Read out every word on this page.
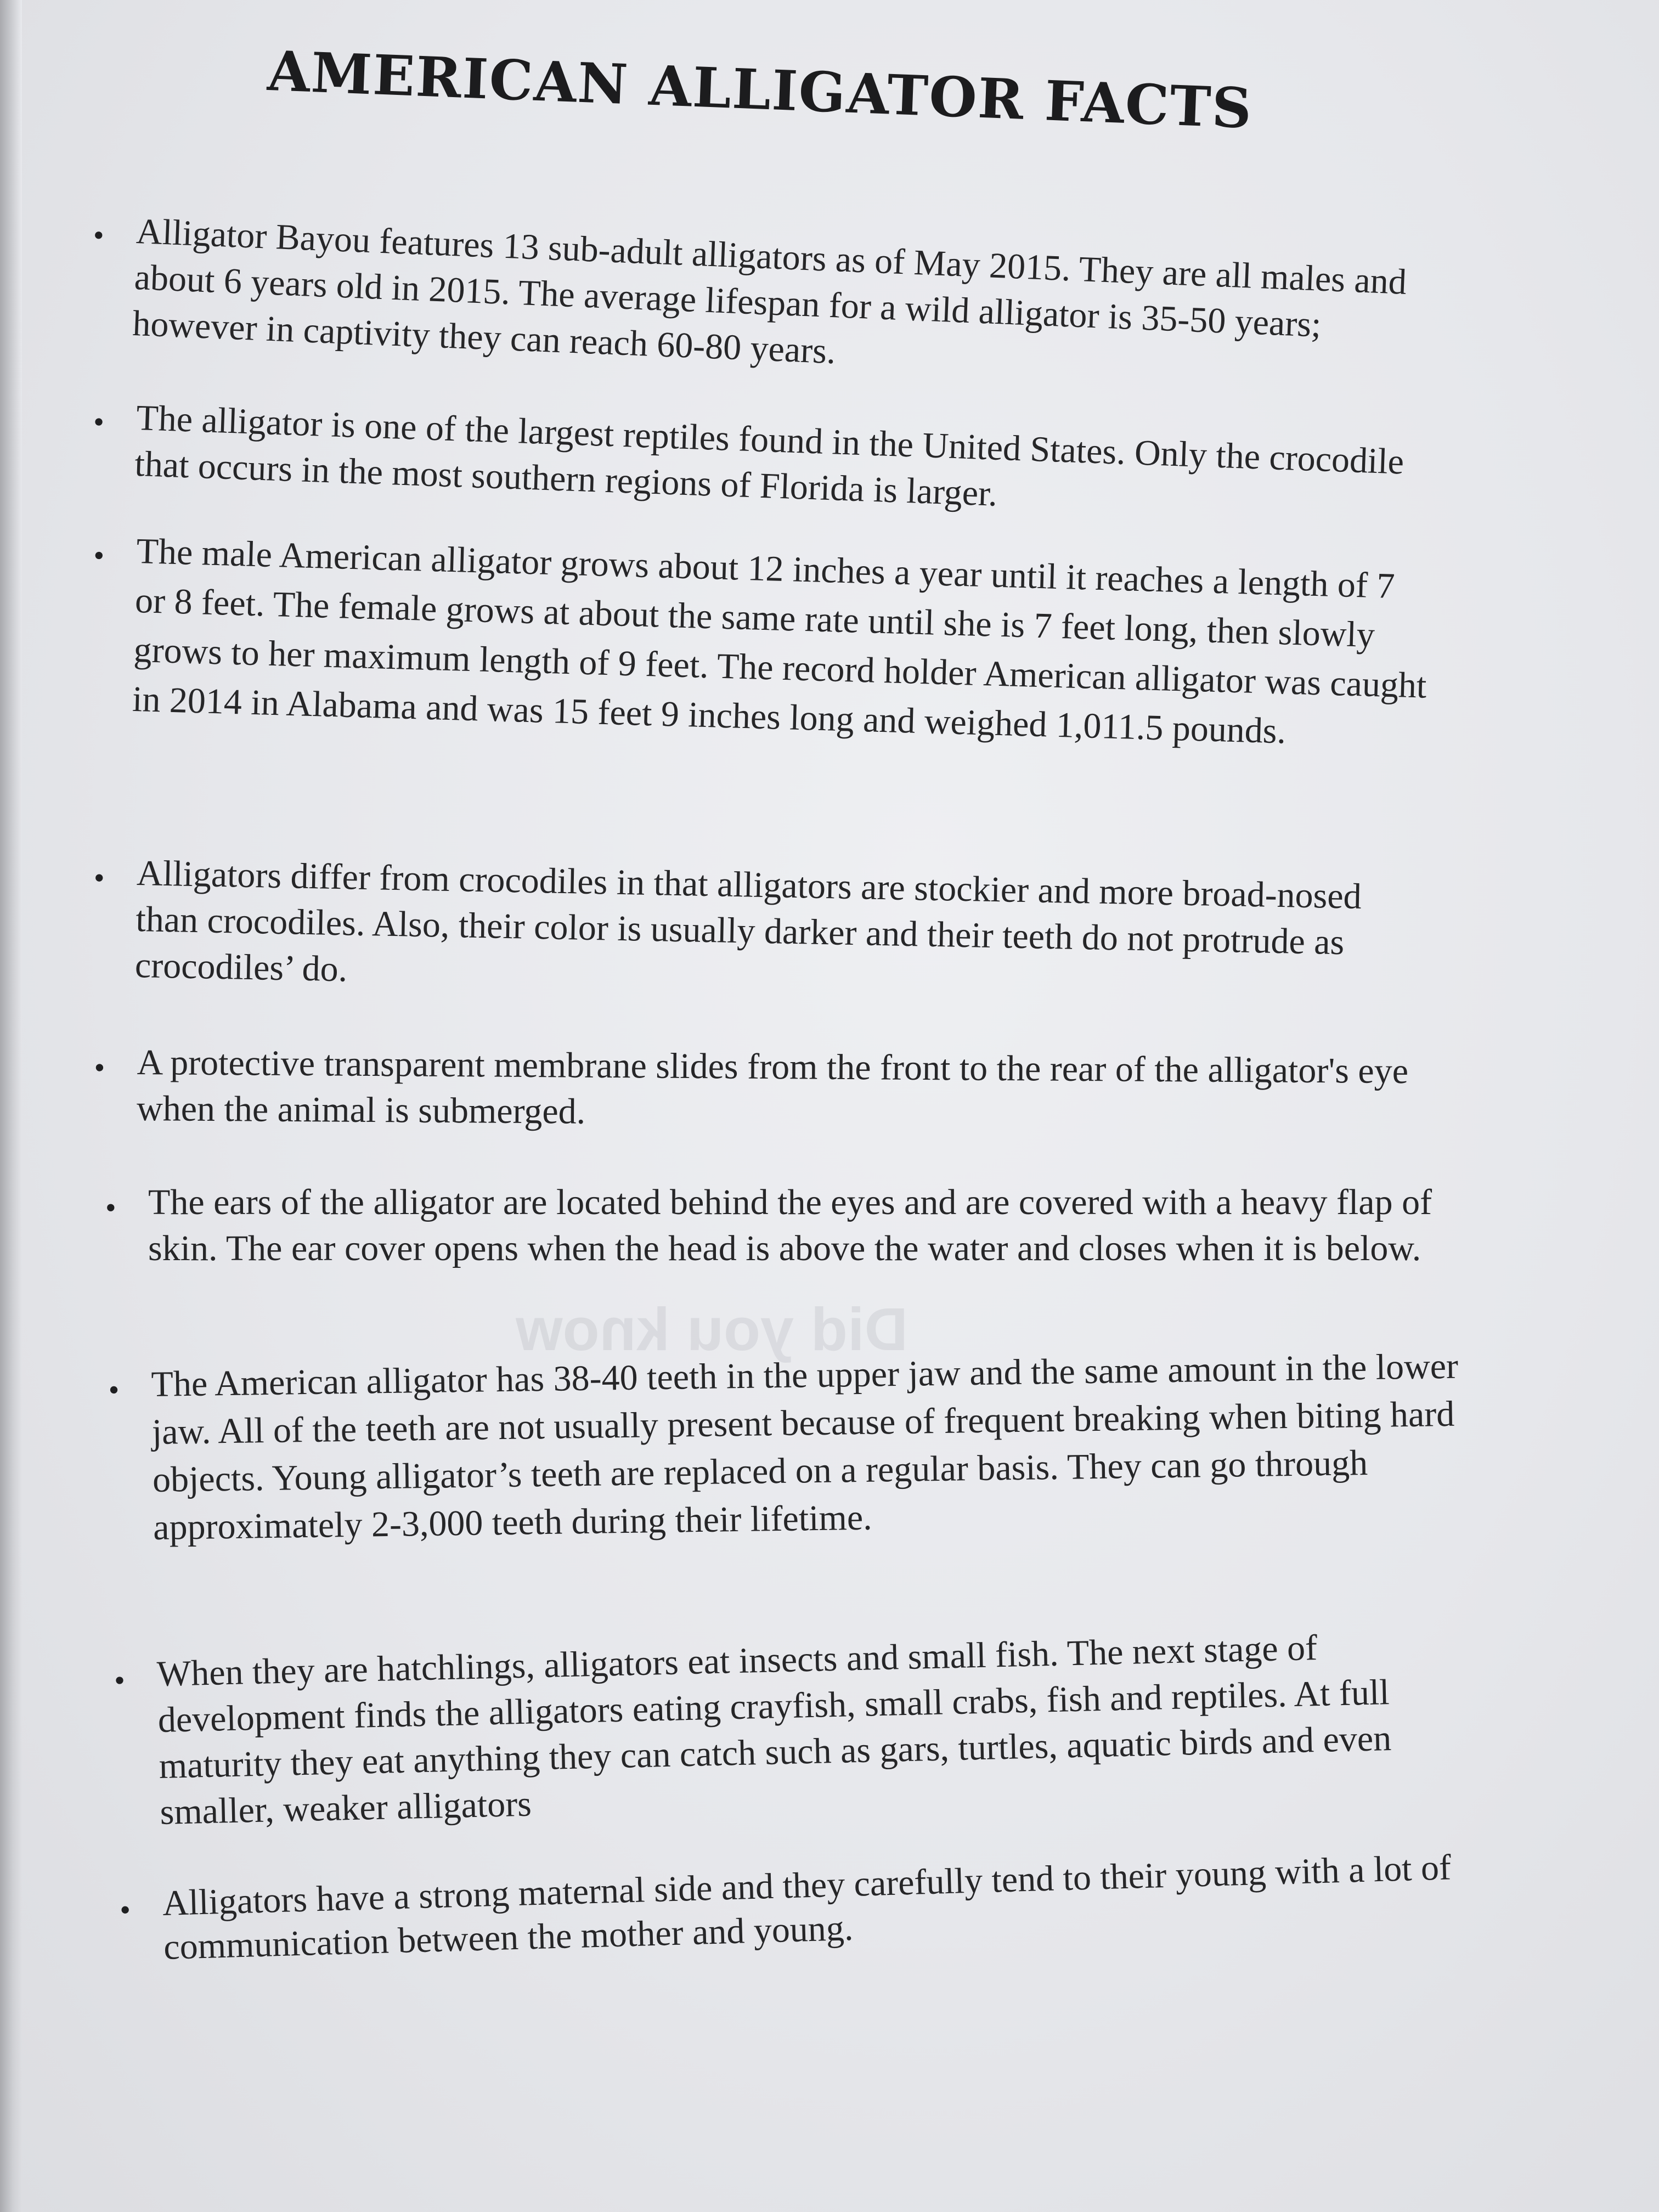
Did you know
AMERICAN ALLIGATOR FACTS
• Alligator Bayou features 13 sub-adult alligators as of May 2015. They are all males and about 6 years old in 2015. The average lifespan for a wild alligator is 35-50 years; however in captivity they can reach 60-80 years.
• The alligator is one of the largest reptiles found in the United States. Only the crocodile that occurs in the most southern regions of Florida is larger.
• The male American alligator grows about 12 inches a year until it reaches a length of 7 or 8 feet. The female grows at about the same rate until she is 7 feet long, then slowly grows to her maximum length of 9 feet. The record holder American alligator was caught in 2014 in Alabama and was 15 feet 9 inches long and weighed 1,011.5 pounds.
• Alligators differ from crocodiles in that alligators are stockier and more broad-nosed than crocodiles. Also, their color is usually darker and their teeth do not protrude as crocodiles’ do.
• A protective transparent membrane slides from the front to the rear of the alligator's eye when the animal is submerged.
• The ears of the alligator are located behind the eyes and are covered with a heavy flap of skin. The ear cover opens when the head is above the water and closes when it is below.
• The American alligator has 38-40 teeth in the upper jaw and the same amount in the lower jaw. All of the teeth are not usually present because of frequent breaking when biting hard objects. Young alligator’s teeth are replaced on a regular basis. They can go through approximately 2-3,000 teeth during their lifetime.
• When they are hatchlings, alligators eat insects and small fish. The next stage of development finds the alligators eating crayfish, small crabs, fish and reptiles. At full maturity they eat anything they can catch such as gars, turtles, aquatic birds and even smaller, weaker alligators
• Alligators have a strong maternal side and they carefully tend to their young with a lot of communication between the mother and young.
